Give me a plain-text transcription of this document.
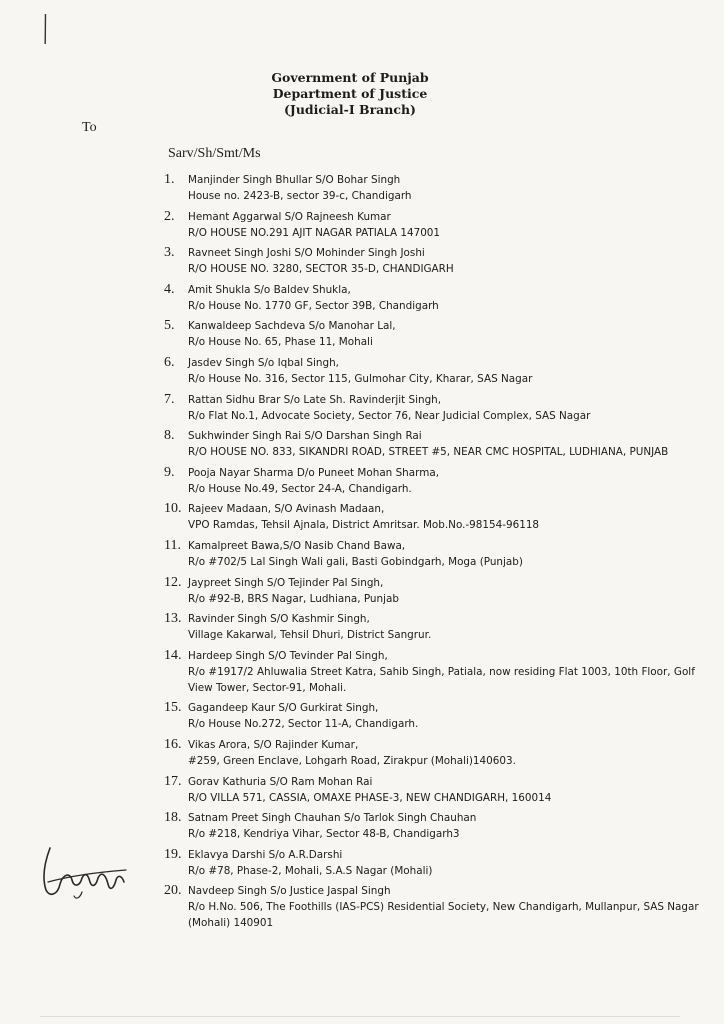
Government of Punjab
Department of Justice
(Judicial-I Branch)
To
Sarv/Sh/Smt/Ms
1.	Manjinder Singh Bhullar S/O Bohar Singh
House no. 2423-B, sector 39-c, Chandigarh
2.	Hemant Aggarwal S/O Rajneesh Kumar
R/O HOUSE NO.291 AJIT NAGAR PATIALA 147001
3.	Ravneet Singh Joshi S/O Mohinder Singh Joshi
R/O HOUSE NO. 3280, SECTOR 35-D, CHANDIGARH
4.	Amit Shukla S/o Baldev Shukla,
R/o House No. 1770 GF, Sector 39B, Chandigarh
5.	Kanwaldeep Sachdeva S/o Manohar Lal,
R/o House No. 65, Phase 11, Mohali
6.	Jasdev Singh S/o Iqbal Singh,
R/o House No. 316, Sector 115, Gulmohar City, Kharar, SAS Nagar
7.	Rattan Sidhu Brar S/o Late Sh. Ravinderjit Singh,
R/o Flat No.1, Advocate Society, Sector 76, Near Judicial Complex, SAS Nagar
8.	Sukhwinder Singh Rai S/O Darshan Singh Rai
R/O HOUSE NO. 833, SIKANDRI ROAD, STREET #5, NEAR CMC HOSPITAL, LUDHIANA, PUNJAB
9.	Pooja Nayar Sharma D/o Puneet Mohan Sharma,
R/o House No.49, Sector 24-A, Chandigarh.
10. Rajeev Madaan, S/O Avinash Madaan,
VPO Ramdas, Tehsil Ajnala, District Amritsar. Mob.No.-98154-96118
11. Kamalpreet Bawa,S/O Nasib Chand Bawa,
R/o #702/5 Lal Singh Wali gali, Basti Gobindgarh, Moga (Punjab)
12. Jaypreet Singh S/O Tejinder Pal Singh,
R/o #92-B, BRS Nagar, Ludhiana, Punjab
13. Ravinder Singh S/O Kashmir Singh,
Village Kakarwal, Tehsil Dhuri, District Sangrur.
14. Hardeep Singh S/O Tevinder Pal Singh,
R/o #1917/2 Ahluwalia Street Katra, Sahib Singh, Patiala, now residing Flat 1003, 10th Floor, Golf View Tower, Sector-91, Mohali.
15. Gagandeep Kaur S/O Gurkirat Singh,
R/o House No.272, Sector 11-A, Chandigarh.
16. Vikas Arora, S/O Rajinder Kumar,
#259, Green Enclave, Lohgarh Road, Zirakpur (Mohali)140603.
17. Gorav Kathuria S/O Ram Mohan Rai
R/O VILLA 571, CASSIA, OMAXE PHASE-3, NEW CHANDIGARH, 160014
18. Satnam Preet Singh Chauhan S/o Tarlok Singh Chauhan
R/o #218, Kendriya Vihar, Sector 48-B, Chandigarh3
19. Eklavya Darshi S/o A.R.Darshi
R/o #78, Phase-2, Mohali, S.A.S Nagar (Mohali)
20. Navdeep Singh S/o Justice Jaspal Singh
R/o H.No. 506, The Foothills (IAS-PCS) Residential Society, New Chandigarh, Mullanpur, SAS Nagar (Mohali) 140901
